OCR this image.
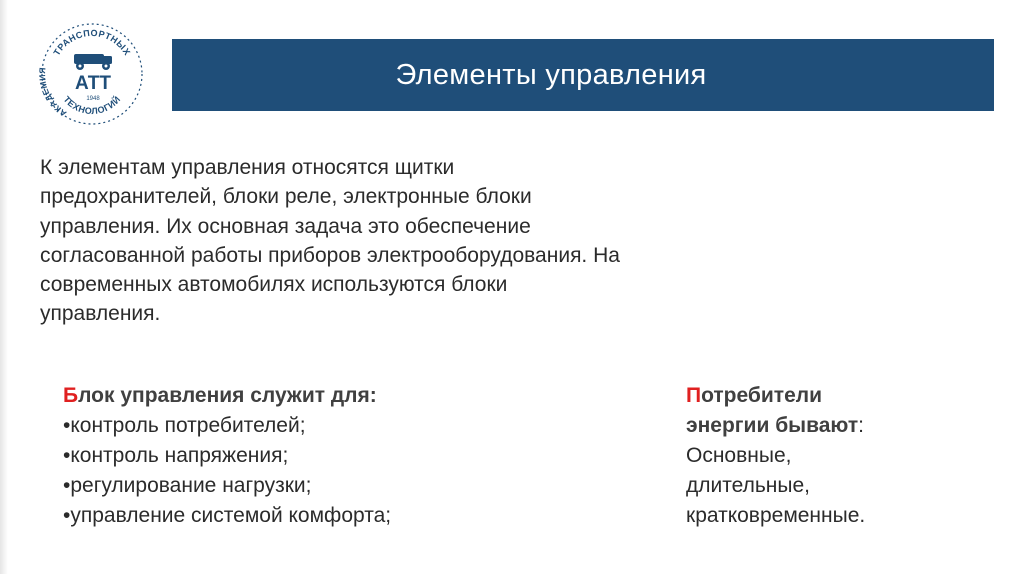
ТРАНСПОРТНЫХ
ТЕХНОЛОГИЙ
АКАДЕМИЯ
АТТ
1948
Элементы управления

К элементам управления относятся щитки
предохранителей, блоки реле, электронные блоки
управления. Их основная задача это обеспечение
согласованной работы приборов электрооборудования. На
современных автомобилях используются блоки
управления.

Блок управления служит для:
•контроль потребителей;
•контроль напряжения;
•регулирование нагрузки;
•управление системой комфорта;
Потребители
энергии бывают:
Основные,
длительные,
кратковременные.
